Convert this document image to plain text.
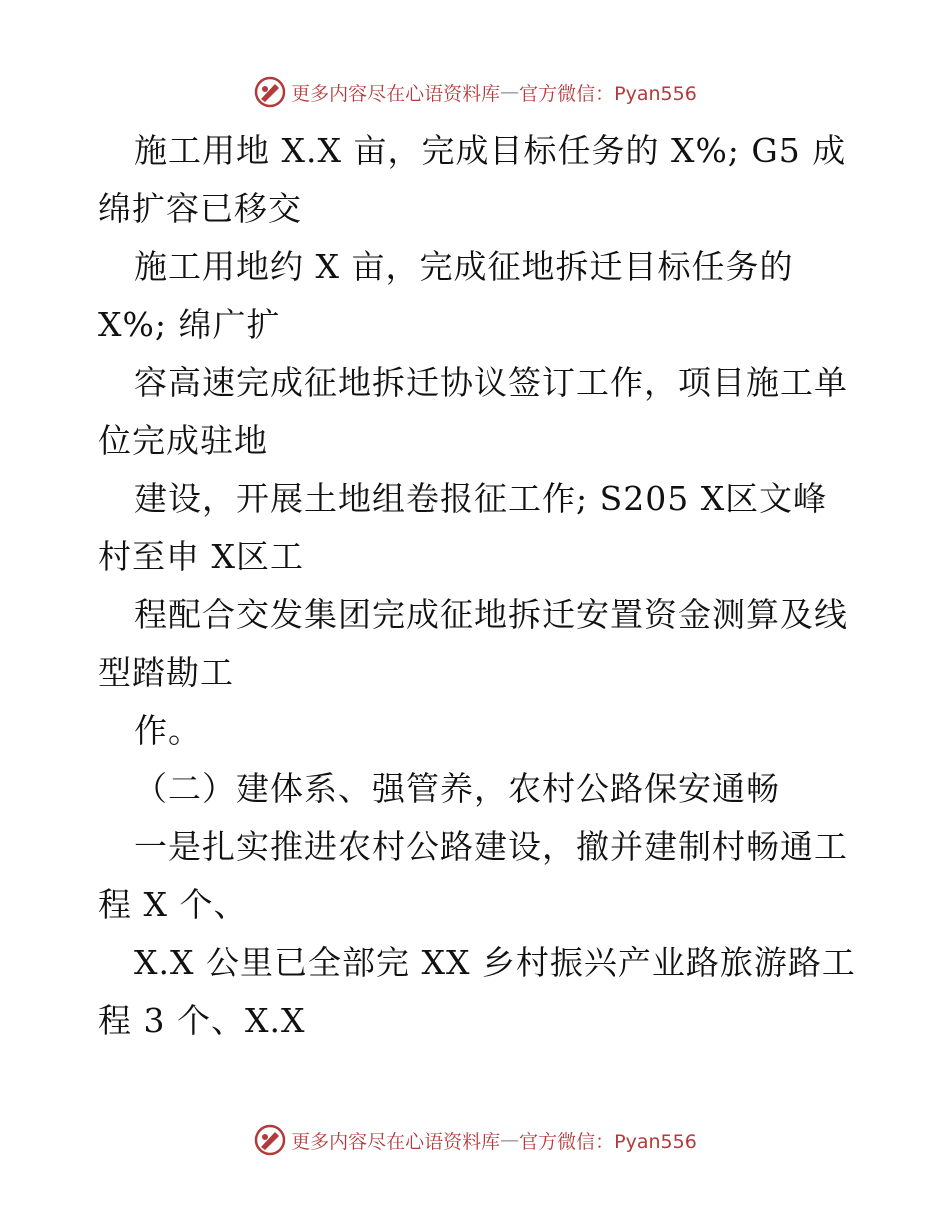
更多内容尽在心语资料库 — 官方微信：Pyan556
施工用地 X.X 亩，完成目标任务的 X%; G5 成
绵扩容已移交
施工用地约 X 亩，完成征地拆迁目标任务的
X%; 绵广扩
容高速完成征地拆迁协议签订工作，项目施工单
位完成驻地
建设，开展土地组卷报征工作; S205 X区文峰
村至申 X区工
程配合交发集团完成征地拆迁安置资金测算及线
型踏勘工
作。
（二）建体系、强管养，农村公路保安通畅
一是扎实推进农村公路建设，撤并建制村畅通工
程 X 个、
X.X 公里已全部完 XX 乡村振兴产业路旅游路工
程 3 个、X.X
更多内容尽在心语资料库 — 官方微信：Pyan556
